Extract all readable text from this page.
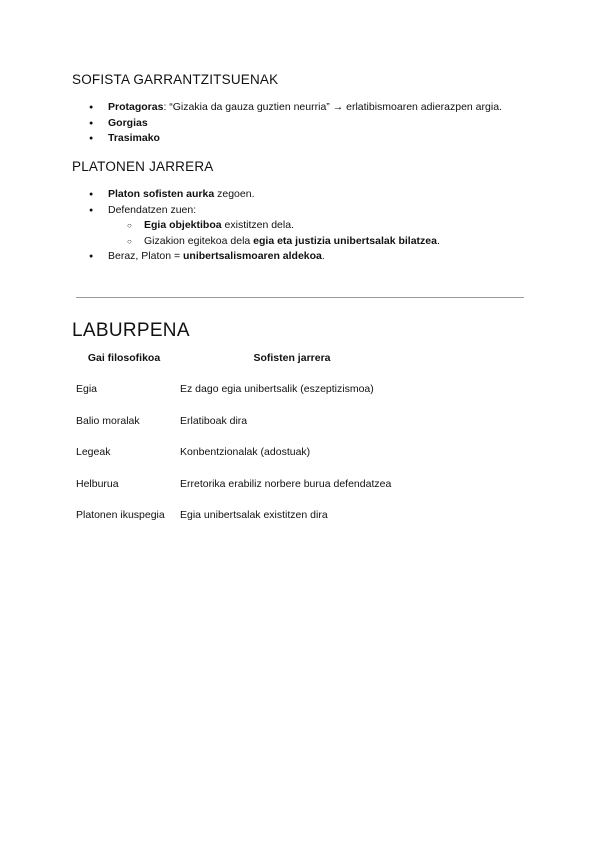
SOFISTA GARRANTZITSUENAK
● Protagoras: “Gizakia da gauza guztien neurria” → erlatibismoaren adierazpen argia.
● Gorgias
● Trasimako
PLATONEN JARRERA
● Platon sofisten aurka zegoen.
● Defendatzen zuen:
○ Egia objektiboa existitzen dela.
○ Gizakion egitekoa dela egia eta justizia unibertsalak bilatzea.
● Beraz, Platon = unibertsalismoaren aldekoa.
LABURPENA
Gai filosofikoa	Sofisten jarrera
Egia	Ez dago egia unibertsalik (eszeptizismoa)
Balio moralak	Erlatiboak dira
Legeak	Konbentzionalak (adostuak)
Helburua	Erretorika erabiliz norbere burua defendatzea
Platonen ikuspegia	Egia unibertsalak existitzen dira
